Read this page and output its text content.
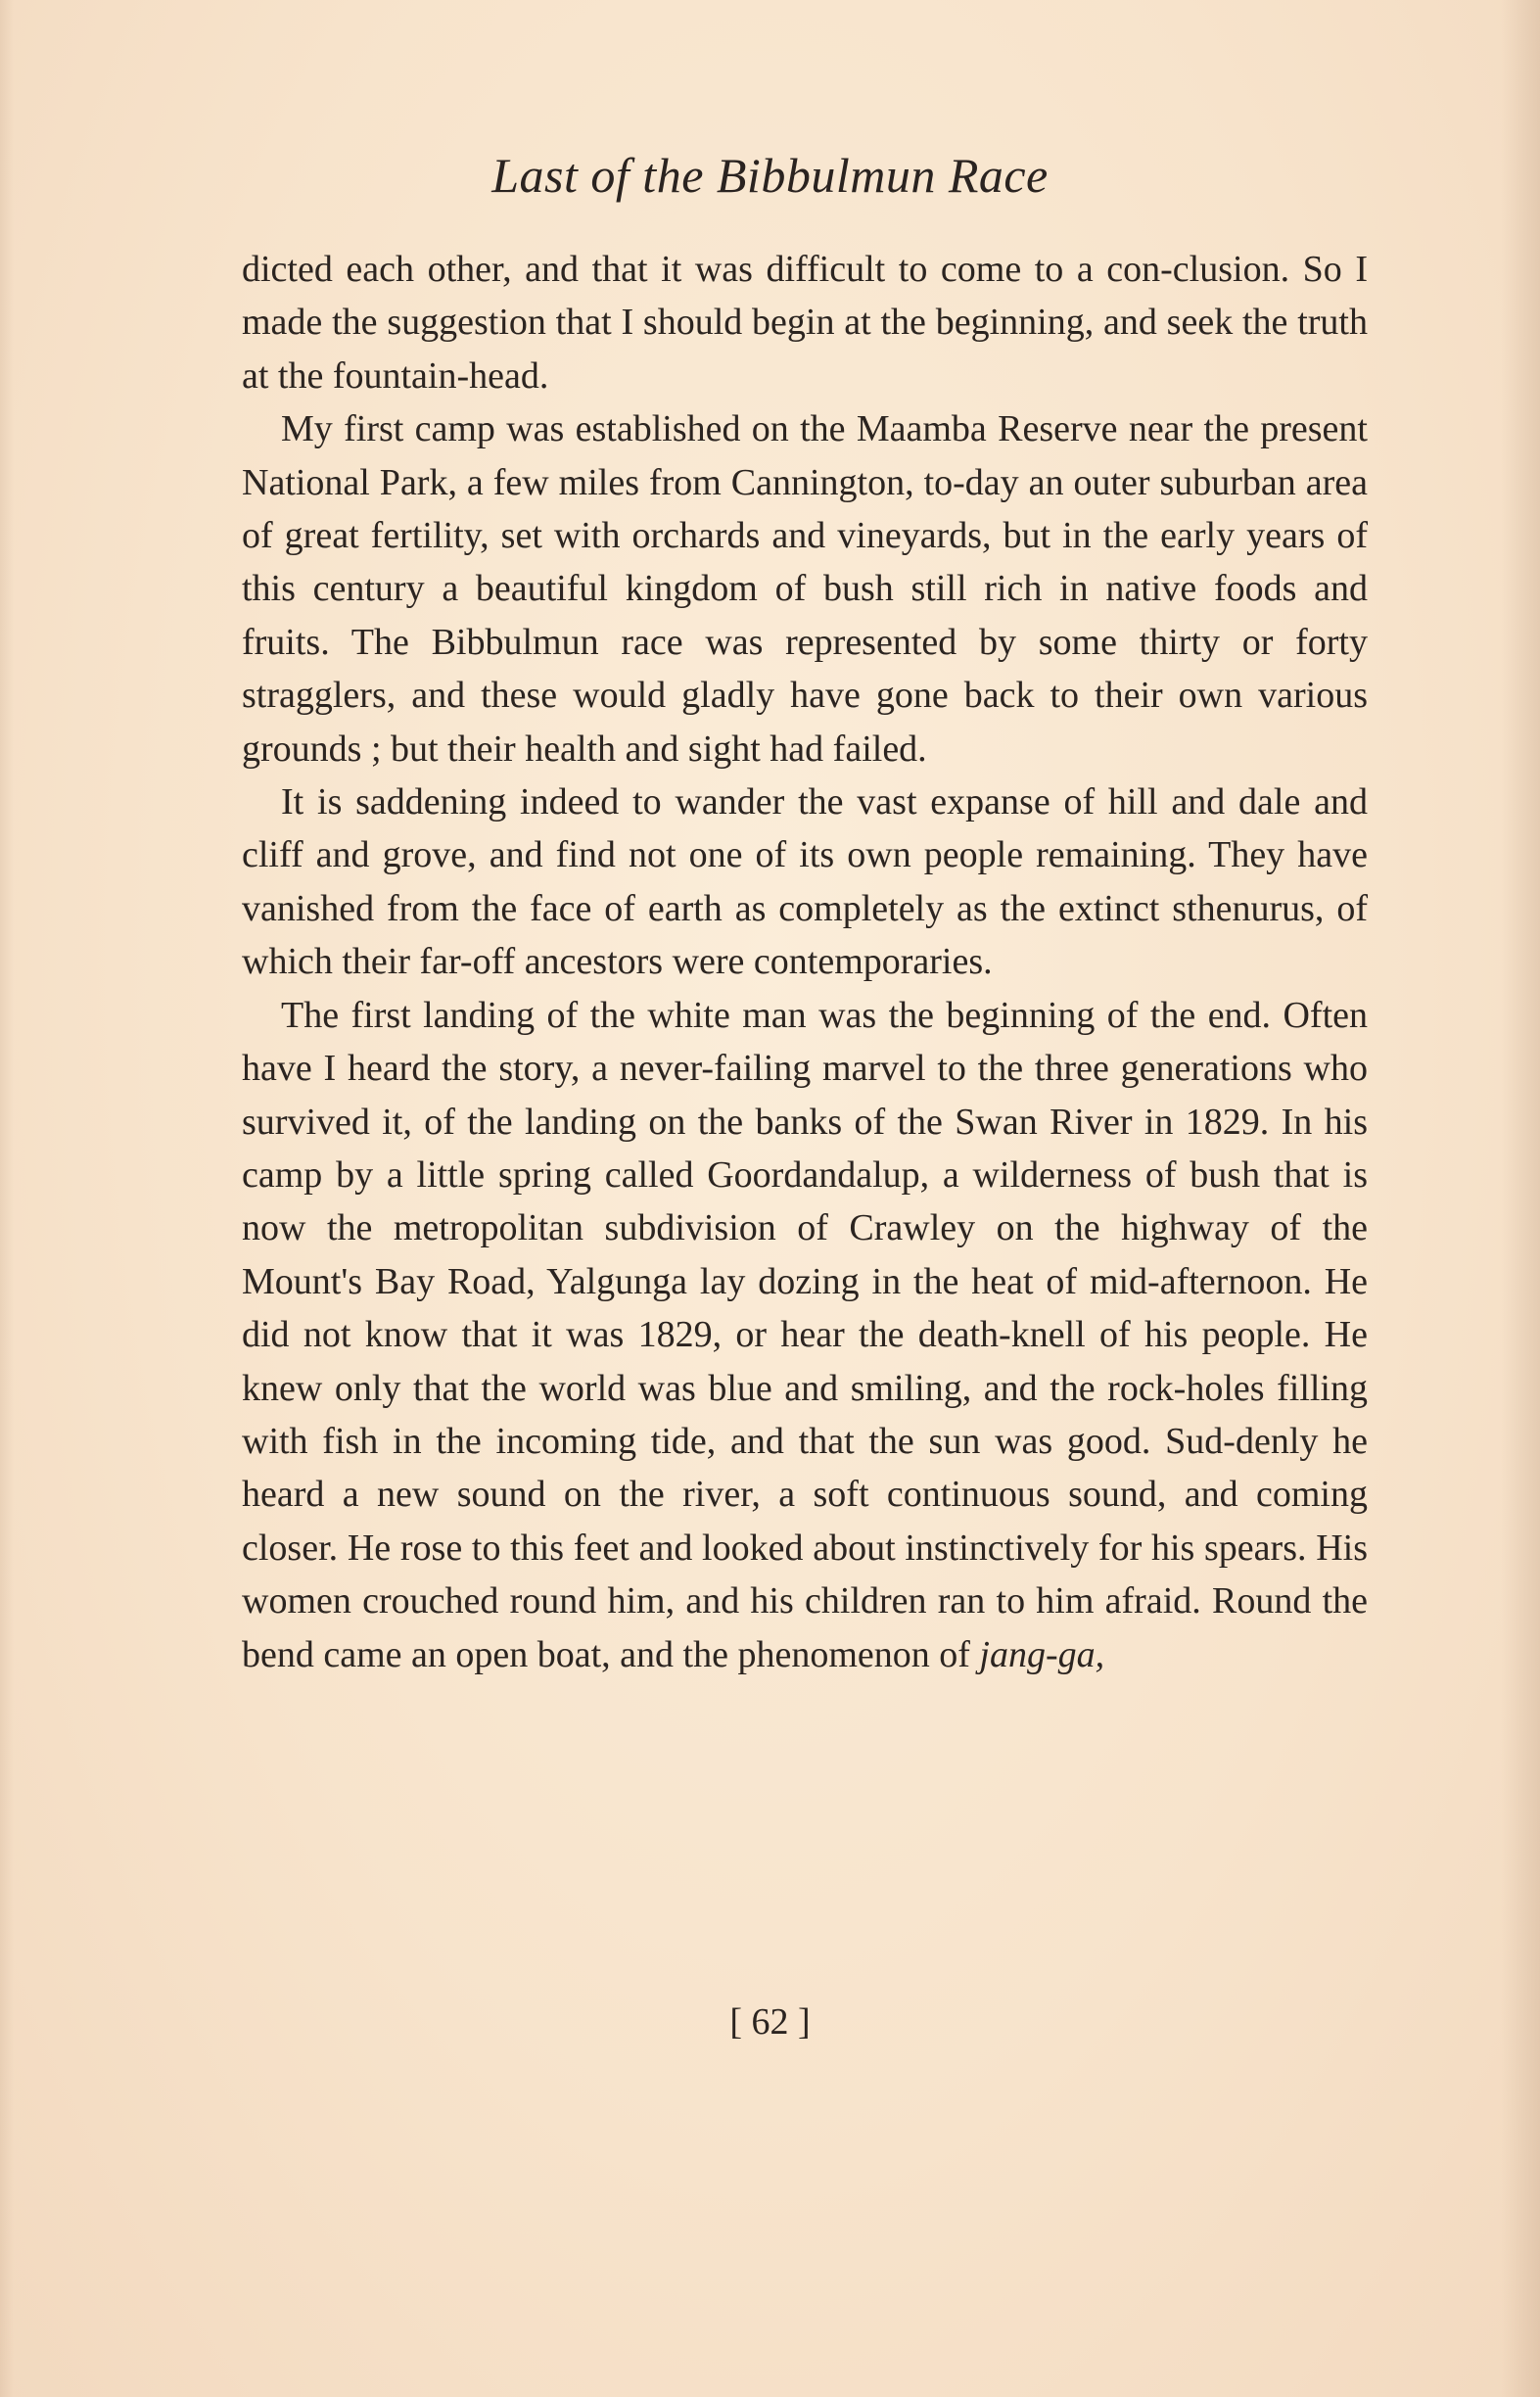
Last of the Bibbulmun Race

dicted each other, and that it was difficult to come to a con-clusion. So I made the suggestion that I should begin at the beginning, and seek the truth at the fountain-head.

My first camp was established on the Maamba Reserve near the present National Park, a few miles from Cannington, to-day an outer suburban area of great fertility, set with orchards and vineyards, but in the early years of this century a beautiful kingdom of bush still rich in native foods and fruits. The Bibbulmun race was represented by some thirty or forty stragglers, and these would gladly have gone back to their own various grounds ; but their health and sight had failed.

It is saddening indeed to wander the vast expanse of hill and dale and cliff and grove, and find not one of its own people remaining. They have vanished from the face of earth as completely as the extinct sthenurus, of which their far-off ancestors were contemporaries.

The first landing of the white man was the beginning of the end. Often have I heard the story, a never-failing marvel to the three generations who survived it, of the landing on the banks of the Swan River in 1829. In his camp by a little spring called Goordandalup, a wilderness of bush that is now the metropolitan subdivision of Crawley on the highway of the Mount's Bay Road, Yalgunga lay dozing in the heat of mid-afternoon. He did not know that it was 1829, or hear the death-knell of his people. He knew only that the world was blue and smiling, and the rock-holes filling with fish in the incoming tide, and that the sun was good. Sud-denly he heard a new sound on the river, a soft continuous sound, and coming closer. He rose to this feet and looked about instinctively for his spears. His women crouched round him, and his children ran to him afraid. Round the bend came an open boat, and the phenomenon of jang-ga,

[ 62 ]
